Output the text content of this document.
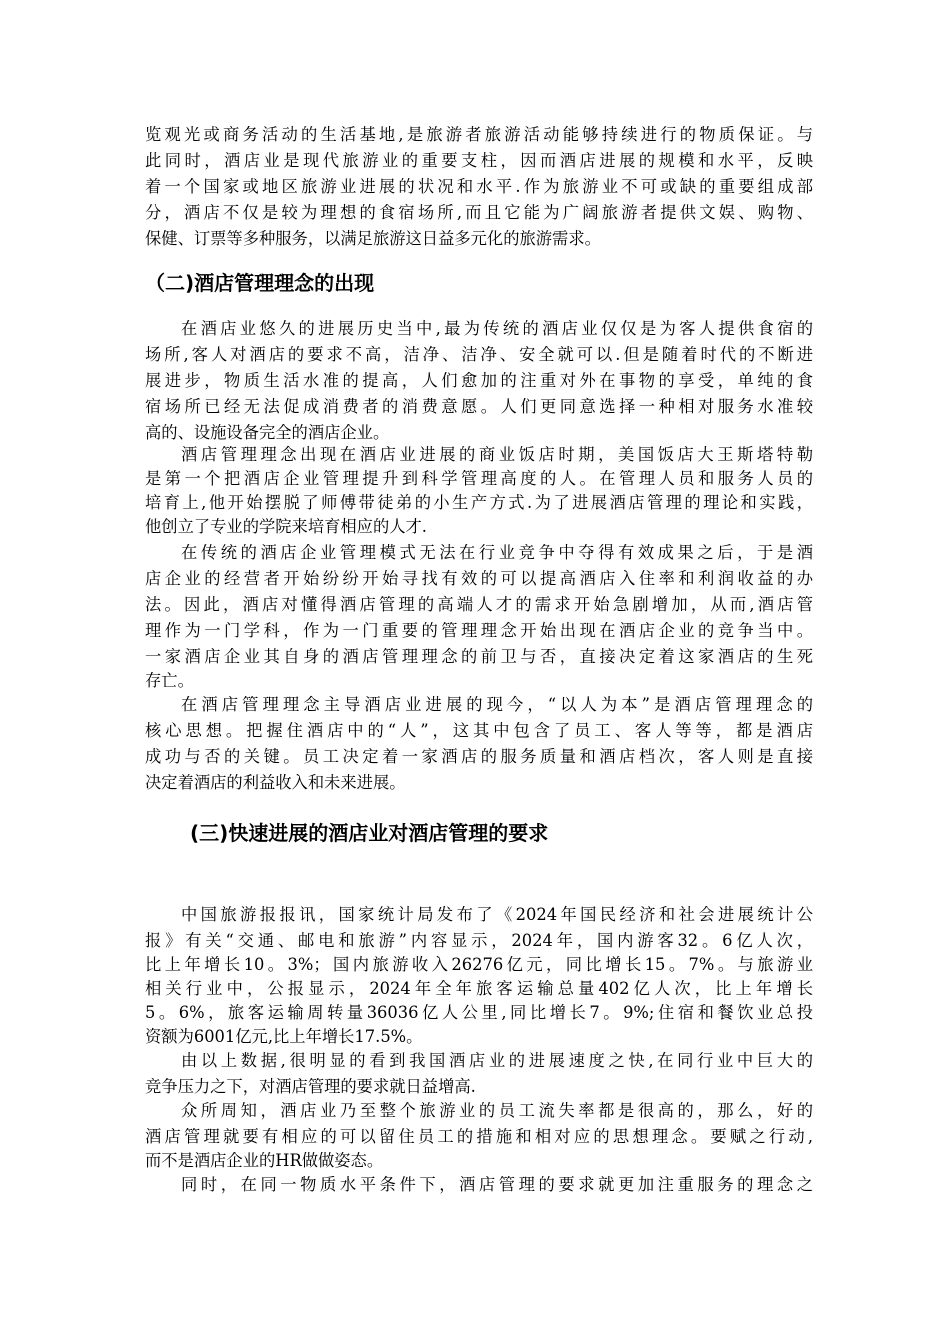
览观光或商务活动的生活基地,是旅游者旅游活动能够持续进行的物质保证。与
此同时，酒店业是现代旅游业的重要支柱，因而酒店进展的规模和水平，反映
着一个国家或地区旅游业进展的状况和水平.作为旅游业不可或缺的重要组成部
分，酒店不仅是较为理想的食宿场所,而且它能为广阔旅游者提供文娱、购物、
保健、订票等多种服务，以满足旅游这日益多元化的旅游需求。
（二)酒店管理理念的出现
在酒店业悠久的进展历史当中,最为传统的酒店业仅仅是为客人提供食宿的
场所,客人对酒店的要求不高，洁净、洁净、安全就可以.但是随着时代的不断进
展进步，物质生活水准的提高，人们愈加的注重对外在事物的享受，单纯的食
宿场所已经无法促成消费者的消费意愿。人们更同意选择一种相对服务水准较
高的、设施设备完全的酒店企业。
酒店管理理念出现在酒店业进展的商业饭店时期，美国饭店大王斯塔特勒
是第一个把酒店企业管理提升到科学管理高度的人。在管理人员和服务人员的
培育上,他开始摆脱了师傅带徒弟的小生产方式.为了进展酒店管理的理论和实践，
他创立了专业的学院来培育相应的人才.
在传统的酒店企业管理模式无法在行业竞争中夺得有效成果之后，于是酒
店企业的经营者开始纷纷开始寻找有效的可以提高酒店入住率和利润收益的办
法。因此，酒店对懂得酒店管理的高端人才的需求开始急剧增加，从而,酒店管
理作为一门学科，作为一门重要的管理理念开始出现在酒店企业的竞争当中。
一家酒店企业其自身的酒店管理理念的前卫与否，直接决定着这家酒店的生死
存亡。
在酒店管理理念主导酒店业进展的现今，“以人为本”是酒店管理理念的
核心思想。把握住酒店中的“人”，这其中包含了员工、客人等等，都是酒店
成功与否的关键。员工决定着一家酒店的服务质量和酒店档次，客人则是直接
决定着酒店的利益收入和未来进展。
(三)快速进展的酒店业对酒店管理的要求
中国旅游报报讯，国家统计局发布了《2024年国民经济和社会进展统计公
报》有关“交通、邮电和旅游”内容显示，2024年，国内游客32。6亿人次，
比上年增长10。3%；国内旅游收入26276亿元，同比增长15。7%。与旅游业
相关行业中，公报显示，2024年全年旅客运输总量402亿人次，比上年增长
5。6%，旅客运输周转量36036亿人公里,同比增长7。9%;住宿和餐饮业总投
资额为6001亿元,比上年增长17.5%。
由以上数据,很明显的看到我国酒店业的进展速度之快,在同行业中巨大的
竞争压力之下，对酒店管理的要求就日益增高.
众所周知，酒店业乃至整个旅游业的员工流失率都是很高的，那么，好的
酒店管理就要有相应的可以留住员工的措施和相对应的思想理念。要赋之行动,
而不是酒店企业的HR做做姿态。
同时，在同一物质水平条件下，酒店管理的要求就更加注重服务的理念之
